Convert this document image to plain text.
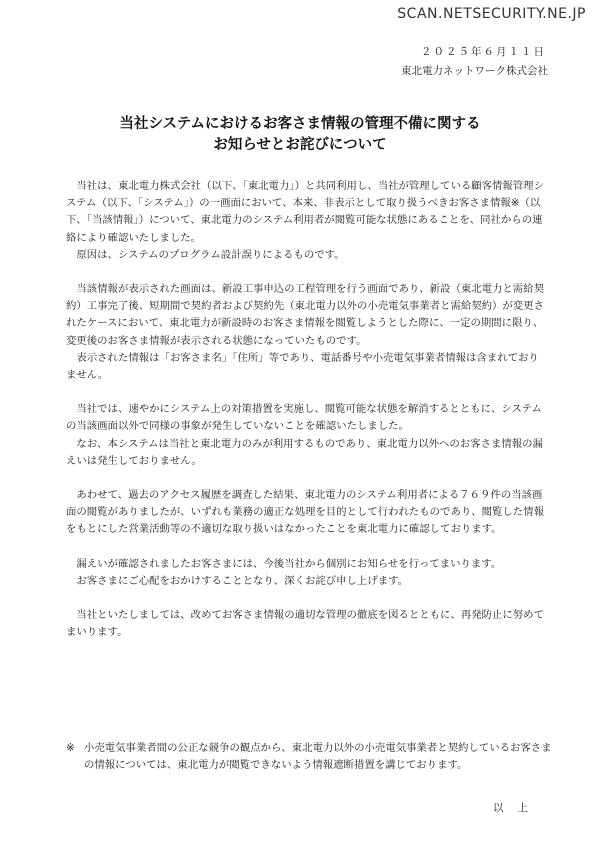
SCAN.NETSECURITY.NE.JP
２０２５年６月１１日
東北電力ネットワーク株式会社
当社システムにおけるお客さま情報の管理不備に関する
お知らせとお詫びについて

当社は、東北電力株式会社（以下、「東北電力」）と共同利用し、当社が管理している顧客情報管理システム（以下、「システム」）の一画面において、本来、非表示として取り扱うべきお客さま情報※（以下、「当該情報」）について、東北電力のシステム利用者が閲覧可能な状態にあることを、同社からの連絡により確認いたしました。

原因は、システムのプログラム設計誤りによるものです。

当該情報が表示された画面は、新設工事申込の工程管理を行う画面であり、新設（東北電力と需給契約）工事完了後、短期間で契約者および契約先（東北電力以外の小売電気事業者と需給契約）が変更されたケースにおいて、東北電力が新設時のお客さま情報を閲覧しようとした際に、一定の期間に限り、変更後のお客さま情報が表示される状態になっていたものです。

表示された情報は「お客さま名」「住所」等であり、電話番号や小売電気事業者情報は含まれておりません。

当社では、速やかにシステム上の対策措置を実施し、閲覧可能な状態を解消するとともに、システムの当該画面以外で同様の事象が発生していないことを確認いたしました。

なお、本システムは当社と東北電力のみが利用するものであり、東北電力以外へのお客さま情報の漏えいは発生しておりません。

あわせて、過去のアクセス履歴を調査した結果、東北電力のシステム利用者による７６９件の当該画面の閲覧がありましたが、いずれも業務の適正な処理を目的として行われたものであり、閲覧した情報をもとにした営業活動等の不適切な取り扱いはなかったことを東北電力に確認しております。

漏えいが確認されましたお客さまには、今後当社から個別にお知らせを行ってまいります。

お客さまにご心配をおかけすることとなり、深くお詫び申し上げます。

当社といたしましては、改めてお客さま情報の適切な管理の徹底を図るとともに、再発防止に努めてまいります。

※ 小売電気事業者間の公正な競争の観点から、東北電力以外の小売電気事業者と契約しているお客さまの情報については、東北電力が閲覧できないよう情報遮断措置を講じております。
以上
